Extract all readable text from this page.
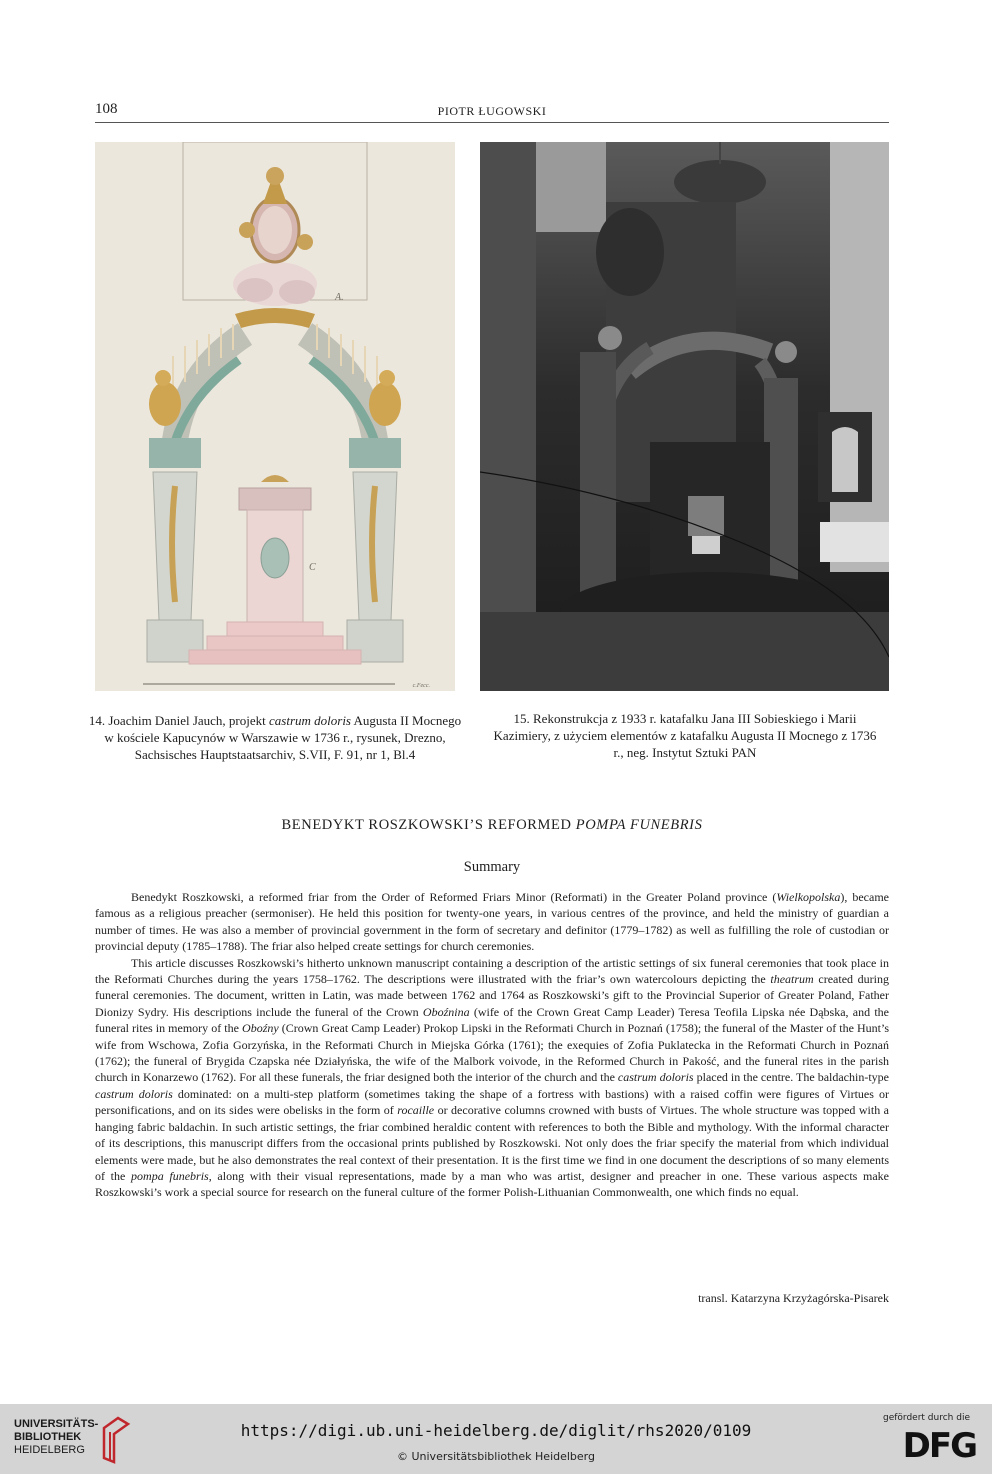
108	PIOTR ŁUGOWSKI
c.Fecc.
A.
C
14. Joachim Daniel Jauch, projekt castrum doloris Augusta II Mocnego w kościele Kapucynów w Warszawie w 1736 r., rysunek, Drezno, Sachsisches Hauptstaatsarchiv, S.VII, F. 91, nr 1, Bl.4
15. Rekonstrukcja z 1933 r. katafalku Jana III Sobieskiego i Marii Kazimiery, z użyciem elementów z katafalku Augusta II Mocnego z 1736 r., neg. Instytut Sztuki PAN
BENEDYKT ROSZKOWSKI’S REFORMED POMPA FUNEBRIS
Summary

Benedykt Roszkowski, a reformed friar from the Order of Reformed Friars Minor (Reformati) in the Greater Poland province (Wielkopolska), became famous as a religious preacher (sermoniser). He held this position for twenty-one years, in various centres of the province, and held the ministry of guardian a number of times. He was also a member of provincial government in the form of secretary and definitor (1779–1782) as well as fulfilling the role of custodian or provincial deputy (1785–1788). The friar also helped create settings for church ceremonies.

This article discusses Roszkowski’s hitherto unknown manuscript containing a description of the artistic settings of six funeral ceremonies that took place in the Reformati Churches during the years 1758–1762. The descriptions were illustrated with the friar’s own watercolours depicting the theatrum created during funeral ceremonies. The document, written in Latin, was made between 1762 and 1764 as Roszkowski’s gift to the Provincial Superior of Greater Poland, Father Dionizy Sydry. His descriptions include the funeral of the Crown Oboźnina (wife of the Crown Great Camp Leader) Teresa Teofila Lipska née Dąbska, and the funeral rites in memory of the Oboźny (Crown Great Camp Leader) Prokop Lipski in the Reformati Church in Poznań (1758); the funeral of the Master of the Hunt’s wife from Wschowa, Zofia Gorzyńska, in the Reformati Church in Miejska Górka (1761); the exequies of Zofia Puklatecka in the Reformati Church in Poznań (1762); the funeral of Brygida Czapska née Działyńska, the wife of the Malbork voivode, in the Reformed Church in Pakość, and the funeral rites in the parish church in Konarzewo (1762). For all these funerals, the friar designed both the interior of the church and the castrum doloris placed in the centre. The baldachin-type castrum doloris dominated: on a multi-step platform (sometimes taking the shape of a fortress with bastions) with a raised coffin were figures of Virtues or personifications, and on its sides were obelisks in the form of rocaille or decorative columns crowned with busts of Virtues. The whole structure was topped with a hanging fabric baldachin. In such artistic settings, the friar combined heraldic content with references to both the Bible and mythology. With the informal character of its descriptions, this manuscript differs from the occasional prints published by Roszkowski. Not only does the friar specify the material from which individual elements were made, but he also demonstrates the real context of their presentation. It is the first time we find in one document the descriptions of so many elements of the pompa funebris, along with their visual representations, made by a man who was artist, designer and preacher in one. These various aspects make Roszkowski’s work a special source for research on the funeral culture of the former Polish-Lithuanian Commonwealth, one which finds no equal.

transl. Katarzyna Krzyżagórska-Pisarek
UNIVERSITÄTS-
BIBLIOTHEK
HEIDELBERG
https://digi.ub.uni-heidelberg.de/diglit/rhs2020/0109
© Universitätsbibliothek Heidelberg
gefördert durch die
DFG
